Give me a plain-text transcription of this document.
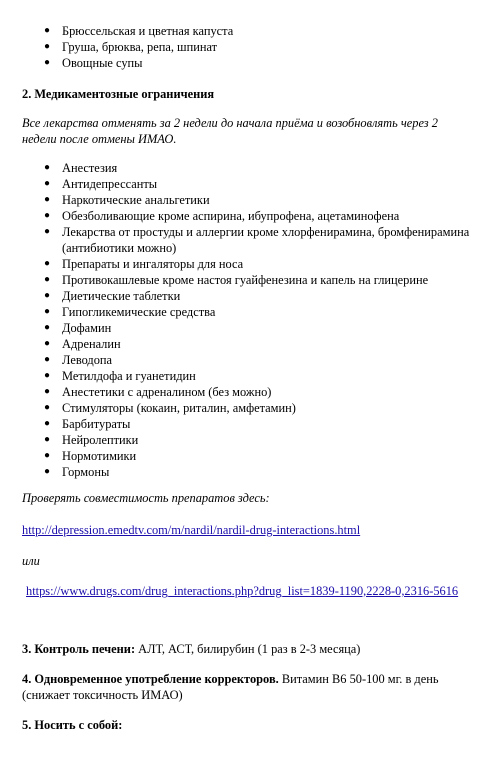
● Брюссельская и цветная капуста
● Груша, брюква, репа, шпинат
● Овощные супы
2. Медикаментозные ограничения
Все лекарства отменять за 2 недели до начала приёма и возобновлять через 2 недели после отмены ИМАО.
● Анестезия
● Антидепрессанты
● Наркотические анальгетики
● Обезболивающие кроме аспирина, ибупрофена, ацетаминофена
● Лекарства от простуды и аллергии кроме хлорфенирамина, бромфенирамина (антибиотики можно)
● Препараты и ингаляторы для носа
● Противокашлевые кроме настоя гуайфенезина и капель на глицерине
● Диетические таблетки
● Гипогликемические средства
● Дофамин
● Адреналин
● Леводопа
● Метилдофа и гуанетидин
● Анестетики с адреналином (без можно)
● Стимуляторы (кокаин, риталин, амфетамин)
● Барбитураты
● Нейролептики
● Нормотимики
● Гормоны
Проверять совместимость препаратов здесь:
http://depression.emedtv.com/m/nardil/nardil-drug-interactions.html
или
https://www.drugs.com/drug_interactions.php?drug_list=1839-1190,2228-0,2316-5616
3. Контроль печени: АЛТ, АСТ, билирубин (1 раз в 2-3 месяца)
4. Одновременное употребление корректоров. Витамин В6 50-100 мг. в день (снижает токсичность ИМАО)
5. Носить с собой:
